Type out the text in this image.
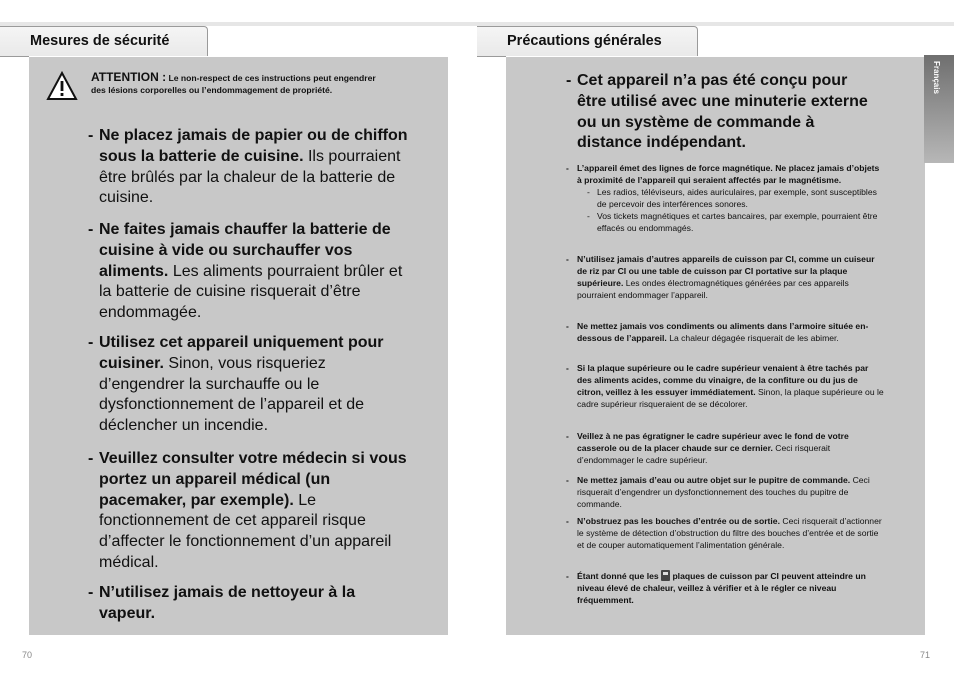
Mesures de sécurité
70
ATTENTION : Le non-respect de ces instructions peut engendrer des lésions corporelles ou l’endommagement de propriété.
- Ne placez jamais de papier ou de chiffon sous la batterie de cuisine. Ils pourraient être brûlés par la chaleur de la batterie de cuisine.
- Ne faites jamais chauffer la batterie de cuisine à vide ou surchauffer vos aliments. Les aliments pourraient brûler et la batterie de cuisine risquerait d’être endommagée.
- Utilisez cet appareil uniquement pour cuisiner. Sinon, vous risqueriez d’engendrer la surchauffe ou le dysfonctionnement de l’appareil et de déclencher un incendie.
- Veuillez consulter votre médecin si vous portez un appareil médical (un pacemaker, par exemple). Le fonctionnement de cet appareil risque d’affecter le fonctionnement d’un appareil médical.
- N’utilisez jamais de nettoyeur à la vapeur.
Précautions générales
71
Français
- Cet appareil n’a pas été conçu pour être utilisé avec une minuterie externe ou un système de commande à distance indépendant.
- L’appareil émet des lignes de force magnétique. Ne placez jamais d’objets à proximité de l’appareil qui seraient affectés par le magnétisme.
- Les radios, téléviseurs, aides auriculaires, par exemple, sont susceptibles de percevoir des interférences sonores.
- Vos tickets magnétiques et cartes bancaires, par exemple, pourraient être effacés ou endommagés.
- N’utilisez jamais d’autres appareils de cuisson par CI, comme un cuiseur de riz par CI ou une table de cuisson par CI portative sur la plaque supérieure. Les ondes électromagnétiques générées par ces appareils pourraient endommager l’appareil.
- Ne mettez jamais vos condiments ou aliments dans l’armoire située en-dessous de l’appareil. La chaleur dégagée risquerait de les abimer.
- Si la plaque supérieure ou le cadre supérieur venaient à être tachés par des aliments acides, comme du vinaigre, de la confiture ou du jus de citron, veillez à les essuyer immédiatement. Sinon, la plaque supérieure ou le cadre supérieur risqueraient de se décolorer.
- Veillez à ne pas égratigner le cadre supérieur avec le fond de votre casserole ou de la placer chaude sur ce dernier. Ceci risquerait d’endommager le cadre supérieur.
- Ne mettez jamais d’eau ou autre objet sur le pupitre de commande. Ceci risquerait d’engendrer un dysfonctionnement des touches du pupitre de commande.
- N’obstruez pas les bouches d’entrée ou de sortie. Ceci risquerait d’actionner le système de détection d’obstruction du filtre des bouches d’entrée et de sortie et de couper automatiquement l’alimentation générale.
- Étant donné que les plaques de cuisson par CI peuvent atteindre un niveau élevé de chaleur, veillez à vérifier et à le régler ce niveau fréquemment.
